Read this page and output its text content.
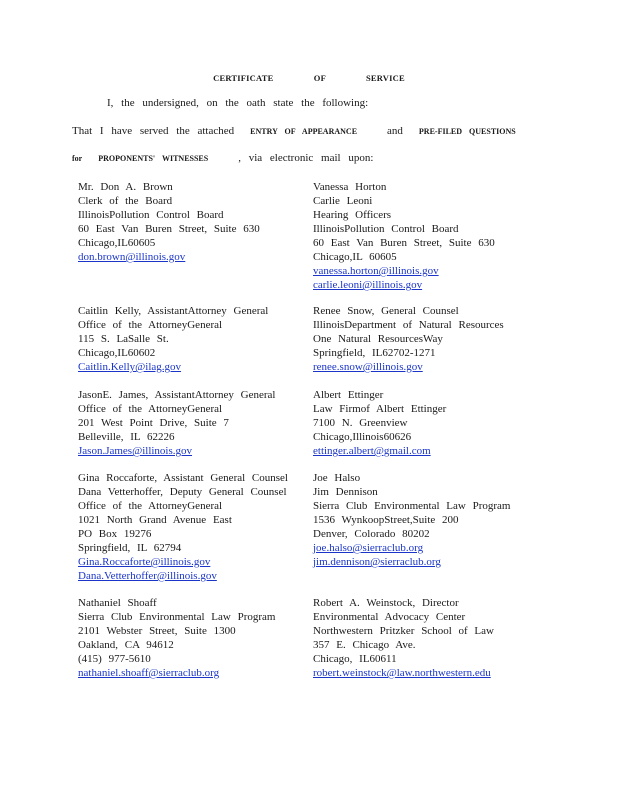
CERTIFICATE OF SERVICE
I, the undersigned, on the oath state the following:
That I have served the attached ENTRY OF APPEARANCE	and PRE-FILED QUESTIONS
for PROPONENTS' WITNESSES	, via electronic mail upon:
Mr. Don A. Brown
Clerk of the Board
IllinoisPollution Control Board
60 East Van Buren Street, Suite 630
Chicago,IL60605
don.brown@illinois.gov
Vanessa Horton
Carlie Leoni
Hearing Officers
IllinoisPollution Control Board
60 East Van Buren Street, Suite 630
Chicago,IL 60605
vanessa.horton@illinois.gov
carlie.leoni@illinois.gov
Caitlin Kelly, AssistantAttorney General
Office of the AttorneyGeneral
115 S. LaSalle St.
Chicago,IL60602
Caitlin.Kelly@ilag.gov
Renee Snow, General Counsel
IllinoisDepartment of Natural Resources
One Natural ResourcesWay
Springfield, IL62702-1271
renee.snow@illinois.gov
JasonE. James, AssistantAttorney General
Office of the AttorneyGeneral
201 West Point Drive, Suite 7
Belleville, IL 62226
Jason.James@illinois.gov
Albert Ettinger
Law Firmof Albert Ettinger
7100 N. Greenview
Chicago,Illinois60626
ettinger.albert@gmail.com
Gina Roccaforte, Assistant General Counsel
Dana Vetterhoffer, Deputy General Counsel
Office of the AttorneyGeneral
1021 North Grand Avenue East
PO Box 19276
Springfield, IL 62794
Gina.Roccaforte@illinois.gov
Dana.Vetterhoffer@illinois.gov
Joe Halso
Jim Dennison
Sierra Club Environmental Law Program
1536 WynkoopStreet,Suite 200
Denver, Colorado 80202
joe.halso@sierraclub.org
jim.dennison@sierraclub.org
Nathaniel Shoaff
Sierra Club Environmental Law Program
2101 Webster Street, Suite 1300
Oakland, CA 94612
(415) 977-5610
nathaniel.shoaff@sierraclub.org
Robert A. Weinstock, Director
Environmental Advocacy Center
Northwestern Pritzker School of Law
357 E. Chicago Ave.
Chicago, IL60611
robert.weinstock@law.northwestern.edu
